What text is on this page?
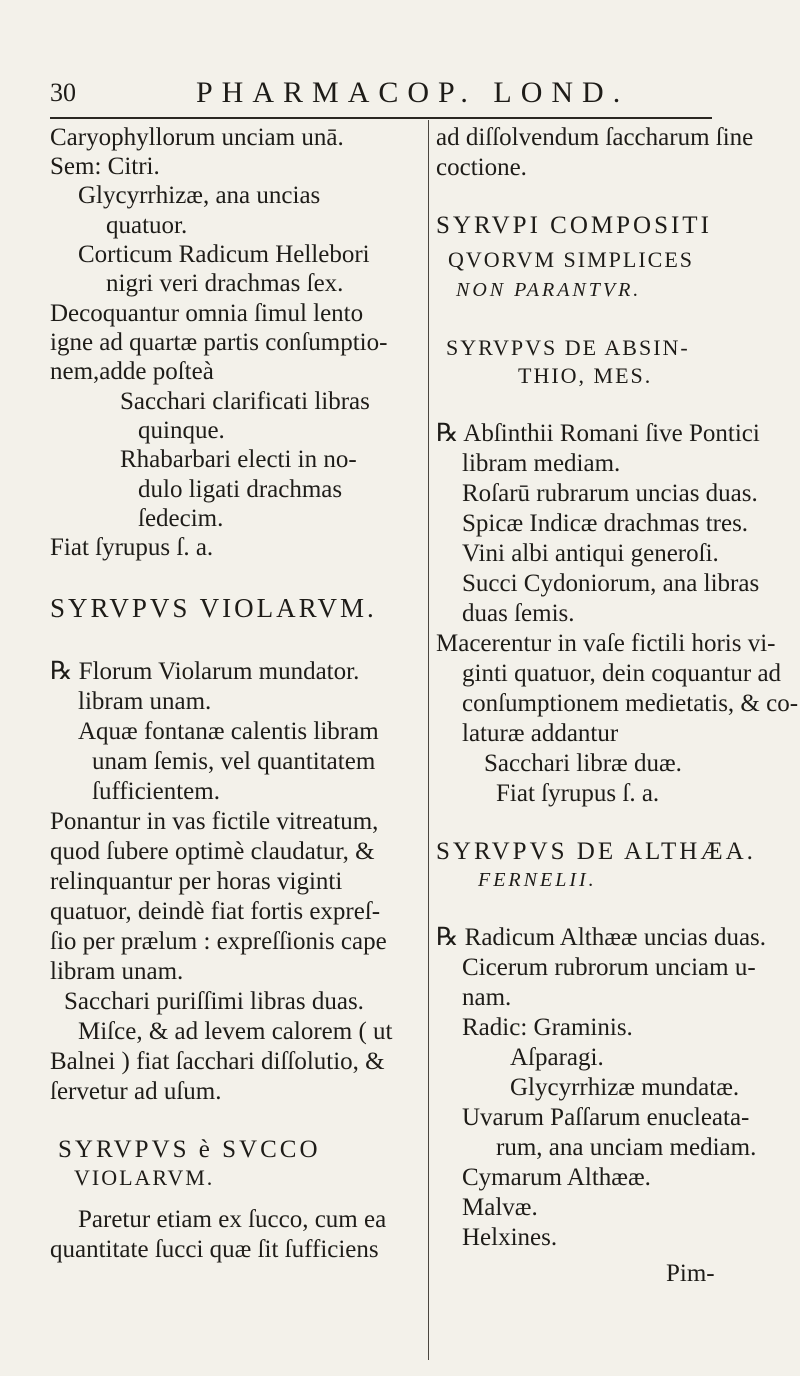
30	PHARMACOP. LOND.
Caryophyllorum unciam unā.
Sem: Citri.
Glycyrrhizæ, ana uncias
quatuor.
Corticum Radicum Hellebori
nigri veri drachmas ſex.
Decoquantur omnia ſimul lento
igne ad quartæ partis conſumptio-
nem,adde poſteà
Sacchari clarificati libras
quinque.
Rhabarbari electi in no-
dulo ligati drachmas
ſedecim.
Fiat ſyrupus ſ. a.
SYRVPVS VIOLARVM.
℞ Florum Violarum mundator.
libram unam.
Aquæ fontanæ calentis libram
unam ſemis, vel quantitatem
ſufficientem.
Ponantur in vas fictile vitreatum,
quod ſubere optimè claudatur, &
relinquantur per horas viginti
quatuor, deindè fiat fortis expreſ-
ſio per prælum : expreſſionis cape
libram unam.
Sacchari puriſſimi libras duas.
Miſce, & ad levem calorem ( ut
Balnei ) fiat ſacchari diſſolutio, &
ſervetur ad uſum.
SYRVPVS è SVCCO
VIOLARVM.
Paretur etiam ex ſucco, cum ea
quantitate ſucci quæ ſit ſufficiens
ad diſſolvendum ſaccharum ſine
coctione.
SYRVPI COMPOSITI
QVORVM SIMPLICES
NON PARANTVR.
SYRVPVS DE ABSIN-
THIO, MES.
℞ Abſinthii Romani ſive Pontici
libram mediam.
Roſarū rubrarum uncias duas.
Spicæ Indicæ drachmas tres.
Vini albi antiqui generoſi.
Succi Cydoniorum, ana libras
duas ſemis.
Macerentur in vaſe fictili horis vi-
ginti quatuor, dein coquantur ad
conſumptionem medietatis, & co-
laturæ addantur
Sacchari libræ duæ.
Fiat ſyrupus ſ. a.
SYRVPVS DE ALTHÆA.
FERNELII.
℞ Radicum Althææ uncias duas.
Cicerum rubrorum unciam u-
nam.
Radic: Graminis.
Aſparagi.
Glycyrrhizæ mundatæ.
Uvarum Paſſarum enucleata-
rum, ana unciam mediam.
Cymarum Althææ.
Malvæ.
Helxines.
Pim-
